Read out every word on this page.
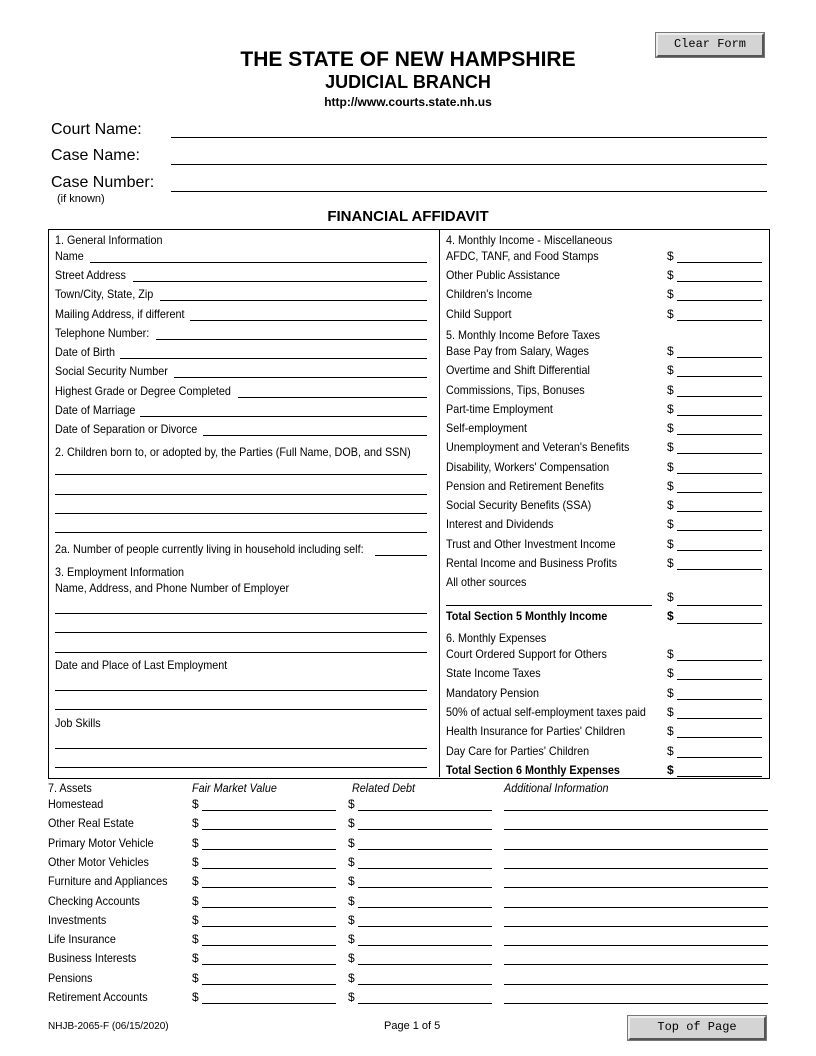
Clear Form
THE STATE OF NEW HAMPSHIRE
JUDICIAL BRANCH
http://www.courts.state.nh.us
Court Name:
Case Name:
Case Number:
(if known)
FINANCIAL AFFIDAVIT
1. General Information
Name
Street Address
Town/City, State, Zip
Mailing Address, if different
Telephone Number:
Date of Birth
Social Security Number
Highest Grade or Degree Completed
Date of Marriage
Date of Separation or Divorce
2. Children born to, or adopted by, the Parties (Full Name, DOB, and SSN)
2a. Number of people currently living in household including self:
3. Employment Information
Name, Address, and Phone Number of Employer
Date and Place of Last Employment
Job Skills
4. Monthly Income - Miscellaneous
AFDC, TANF, and Food Stamps	$
Other Public Assistance	$
Children's Income	$
Child Support	$
5. Monthly Income Before Taxes
Base Pay from Salary, Wages	$
Overtime and Shift Differential	$
Commissions, Tips, Bonuses	$
Part-time Employment	$
Self-employment	$
Unemployment and Veteran's Benefits	$
Disability, Workers' Compensation	$
Pension and Retirement Benefits	$
Social Security Benefits (SSA)	$
Interest and Dividends	$
Trust and Other Investment Income	$
Rental Income and Business Profits	$
All other sources
$
Total Section 5 Monthly Income	$
6. Monthly Expenses
Court Ordered Support for Others	$
State Income Taxes	$
Mandatory Pension	$
50% of actual self-employment taxes paid $
Health Insurance for Parties' Children	$
Day Care for Parties' Children	$
Total Section 6 Monthly Expenses	$
7. Assets	Fair Market Value	Related Debt	Additional Information
Homestead	$	$
Other Real Estate	$	$
Primary Motor Vehicle	$	$
Other Motor Vehicles	$	$
Furniture and Appliances $	$
Checking Accounts	$	$
Investments	$	$
Life Insurance	$	$
Business Interests	$	$
Pensions	$	$
Retirement Accounts	$	$
NHJB-2065-F (06/15/2020)	Page 1 of 5	Top of Page
